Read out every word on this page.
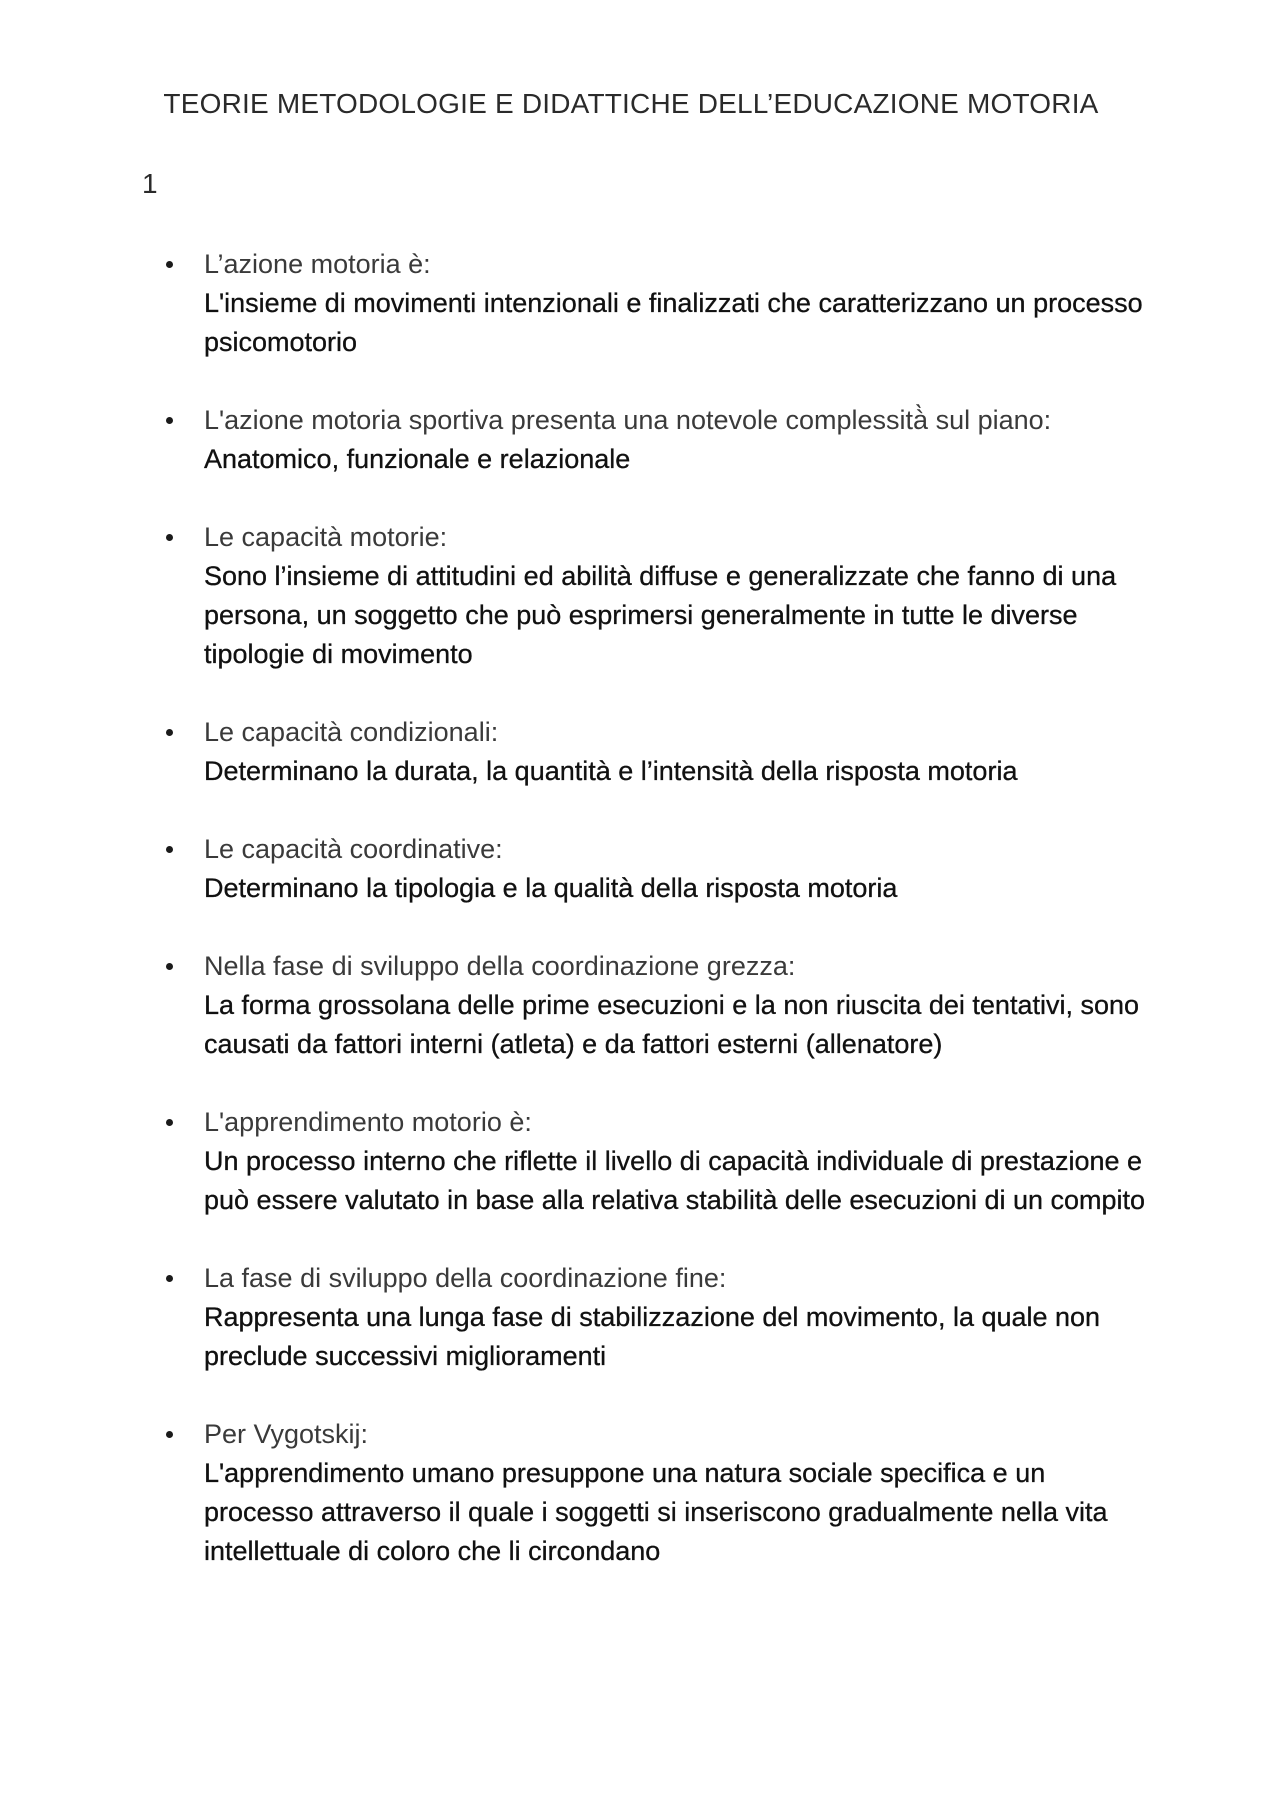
TEORIE METODOLOGIE E DIDATTICHE DELL’EDUCAZIONE MOTORIA
1
L’azione motoria è:
L'insieme di movimenti intenzionali e finalizzati che caratterizzano un processo psicomotorio
L'azione motoria sportiva presenta una notevole complessità̀ sul piano:
Anatomico, funzionale e relazionale
Le capacità motorie:
Sono l’insieme di attitudini ed abilità diffuse e generalizzate che fanno di una persona, un soggetto che può esprimersi generalmente in tutte le diverse tipologie di movimento
Le capacità condizionali:
Determinano la durata, la quantità e l’intensità della risposta motoria
Le capacità coordinative:
Determinano la tipologia e la qualità della risposta motoria
Nella fase di sviluppo della coordinazione grezza:
La forma grossolana delle prime esecuzioni e la non riuscita dei tentativi, sono causati da fattori interni (atleta) e da fattori esterni (allenatore)
L'apprendimento motorio è:
Un processo interno che riflette il livello di capacità individuale di prestazione e può essere valutato in base alla relativa stabilità delle esecuzioni di un compito
La fase di sviluppo della coordinazione fine:
Rappresenta una lunga fase di stabilizzazione del movimento, la quale non preclude successivi miglioramenti
Per Vygotskij:
L'apprendimento umano presuppone una natura sociale specifica e un processo attraverso il quale i soggetti si inseriscono gradualmente nella vita intellettuale di coloro che li circondano
